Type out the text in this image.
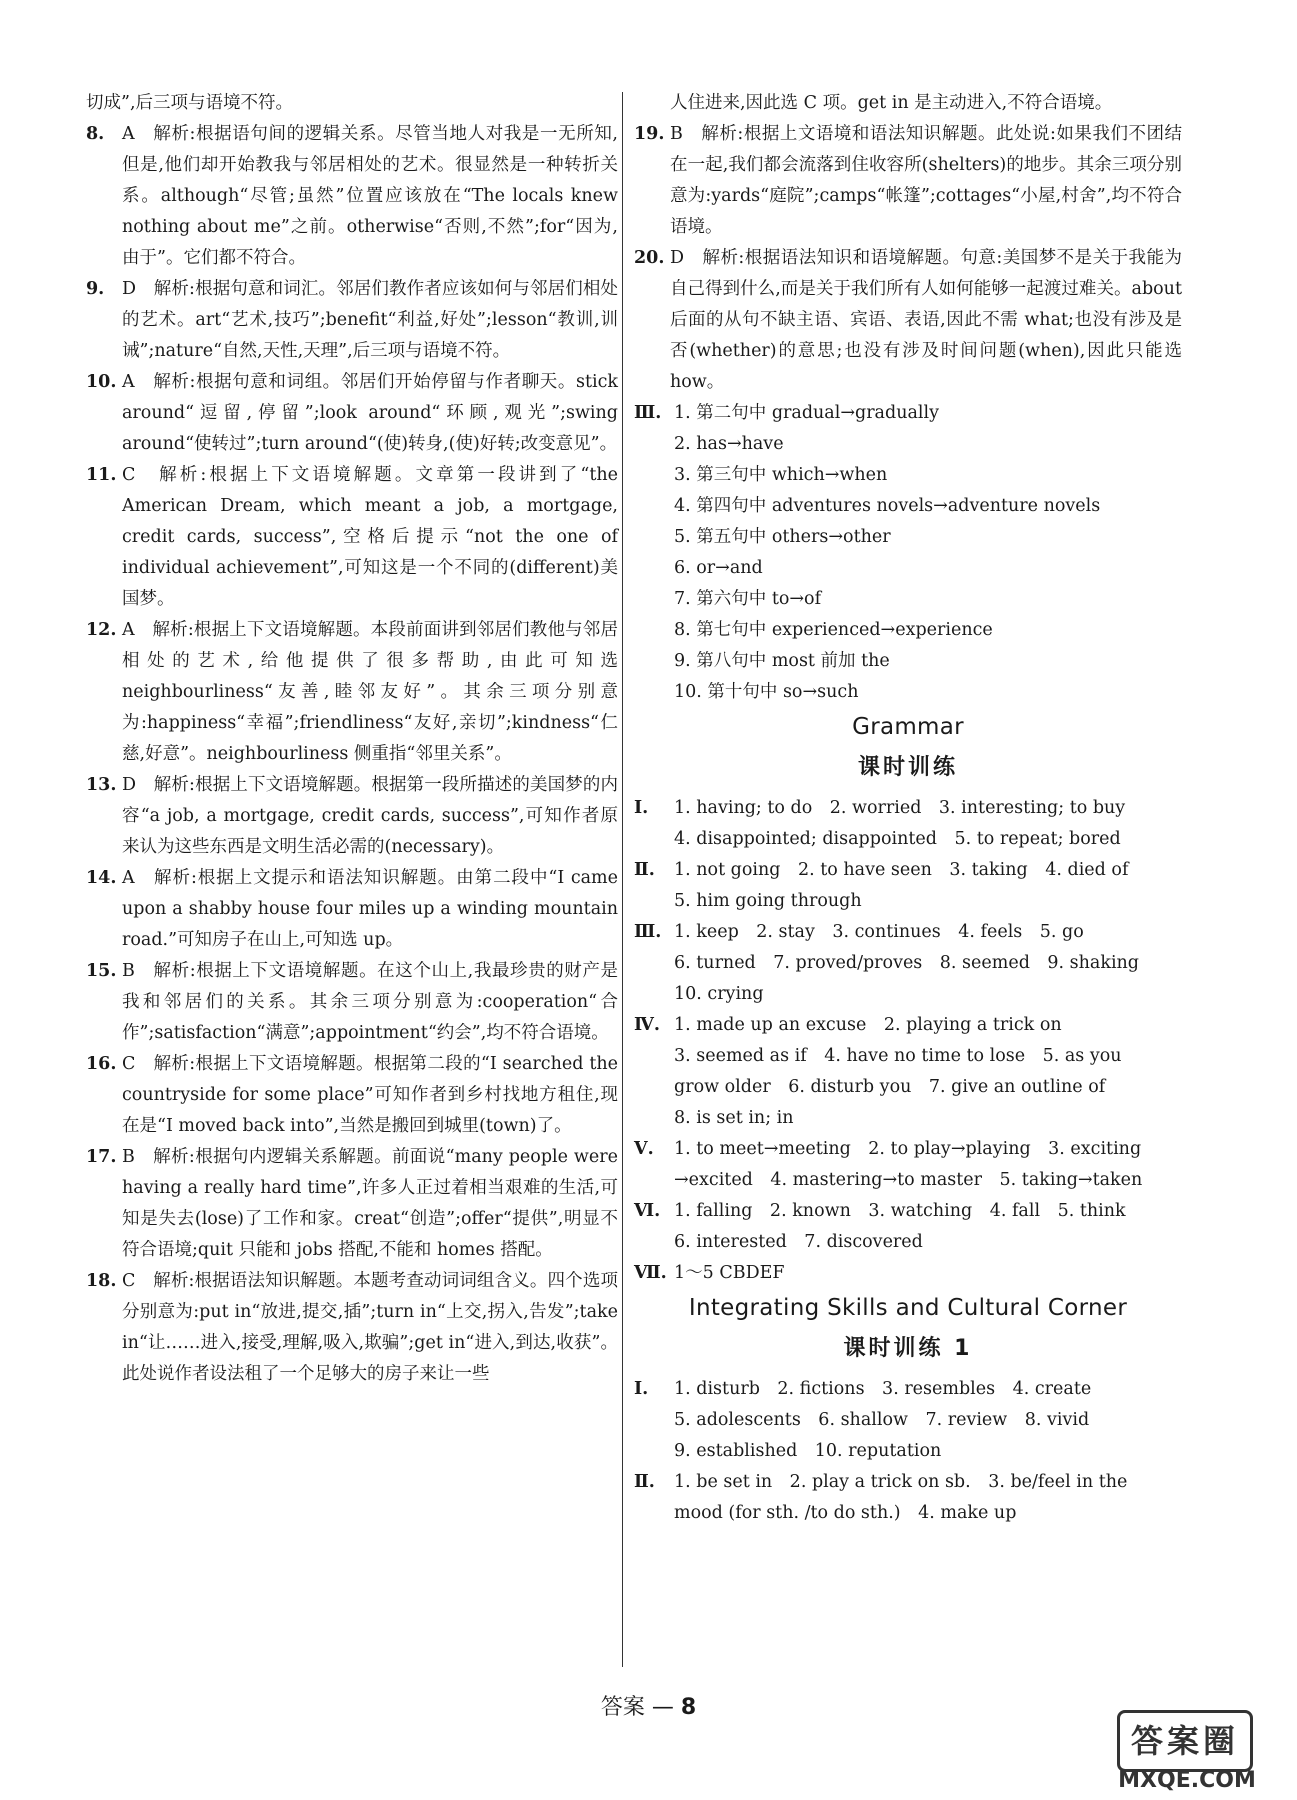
切成”,后三项与语境不符。

8. A　解析:根据语句间的逻辑关系。尽管当地人对我是一无所知,但是,他们却开始教我与邻居相处的艺术。很显然是一种转折关系。although“尽管;虽然”位置应该放在“The locals knew nothing about me”之前。otherwise“否则,不然”;for“因为,由于”。它们都不符合。
9. D　解析:根据句意和词汇。邻居们教作者应该如何与邻居们相处的艺术。art“艺术,技巧”;benefit“利益,好处”;lesson“教训,训诫”;nature“自然,天性,天理”,后三项与语境不符。
10. A　解析:根据句意和词组。邻居们开始停留与作者聊天。stick around“逗留,停留”;look around“环顾,观光”;swing around“使转过”;turn around“(使)转身,(使)好转;改变意见”。
11. C　解析:根据上下文语境解题。文章第一段讲到了“the American Dream, which meant a job, a mortgage, credit cards, success”,空格后提示“not the one of individual achievement”,可知这是一个不同的(different)美国梦。
12. A　解析:根据上下文语境解题。本段前面讲到邻居们教他与邻居相处的艺术,给他提供了很多帮助,由此可知选 neighbourliness“友善,睦邻友好”。其余三项分别意为:happiness“幸福”;friendliness“友好,亲切”;kindness“仁慈,好意”。neighbourliness 侧重指“邻里关系”。
13. D　解析:根据上下文语境解题。根据第一段所描述的美国梦的内容“a job, a mortgage, credit cards, success”,可知作者原来认为这些东西是文明生活必需的(necessary)。
14. A　解析:根据上文提示和语法知识解题。由第二段中“I came upon a shabby house four miles up a winding mountain road.”可知房子在山上,可知选 up。
15. B　解析:根据上下文语境解题。在这个山上,我最珍贵的财产是我和邻居们的关系。其余三项分别意为:cooperation“合作”;satisfaction“满意”;appointment“约会”,均不符合语境。
16. C　解析:根据上下文语境解题。根据第二段的“I searched the countryside for some place”可知作者到乡村找地方租住,现在是“I moved back into”,当然是搬回到城里(town)了。
17. B　解析:根据句内逻辑关系解题。前面说“many people were having a really hard time”,许多人正过着相当艰难的生活,可知是失去(lose)了工作和家。creat“创造”;offer“提供”,明显不符合语境;quit 只能和 jobs 搭配,不能和 homes 搭配。
18. C　解析:根据语法知识解题。本题考查动词词组含义。四个选项分别意为:put in“放进,提交,插”;turn in“上交,拐入,告发”;take in“让……进入,接受,理解,吸入,欺骗”;get in“进入,到达,收获”。此处说作者设法租了一个足够大的房子来让一些

人住进来,因此选 C 项。get in 是主动进入,不符合语境。

19. B　解析:根据上文语境和语法知识解题。此处说:如果我们不团结在一起,我们都会流落到住收容所(shelters)的地步。其余三项分别意为:yards“庭院”;camps“帐篷”;cottages“小屋,村舍”,均不符合语境。
20. D　解析:根据语法知识和语境解题。句意:美国梦不是关于我能为自己得到什么,而是关于我们所有人如何能够一起渡过难关。about 后面的从句不缺主语、宾语、表语,因此不需 what;也没有涉及是否(whether)的意思;也没有涉及时间问题(when),因此只能选 how。
Ⅲ. 1. 第二句中 gradual→gradually
2. has→have
3. 第三句中 which→when
4. 第四句中 adventures novels→adventure novels
5. 第五句中 others→other
6. or→and
7. 第六句中 to→of
8. 第七句中 experienced→experience
9. 第八句中 most 前加 the
10. 第十句中 so→such
Grammar
课时训练
Ⅰ. 1. having; to do　2. worried　3. interesting; to buy
4. disappointed; disappointed　5. to repeat; bored
Ⅱ. 1. not going　2. to have seen　3. taking　4. died of
5. him going through
Ⅲ. 1. keep　2. stay　3. continues　4. feels　5. go
6. turned　7. proved/proves　8. seemed　9. shaking
10. crying
Ⅳ. 1. made up an excuse　2. playing a trick on
3. seemed as if　4. have no time to lose　5. as you
grow older　6. disturb you　7. give an outline of
8. is set in; in
Ⅴ. 1. to meet→meeting　2. to play→playing　3. exciting
→excited　4. mastering→to master　5. taking→taken
Ⅵ. 1. falling　2. known　3. watching　4. fall　5. think
6. interested　7. discovered
Ⅶ. 1～5 CBDEF
Integrating Skills and Cultural Corner
课时训练 1
Ⅰ. 1. disturb　2. fictions　3. resembles　4. create
5. adolescents　6. shallow　7. review　8. vivid
9. established　10. reputation
Ⅱ. 1. be set in　2. play a trick on sb.　3. be/feel in the
mood (for sth. /to do sth.)　4. make up
答案 — 8
答案圈
MXQE.COM
